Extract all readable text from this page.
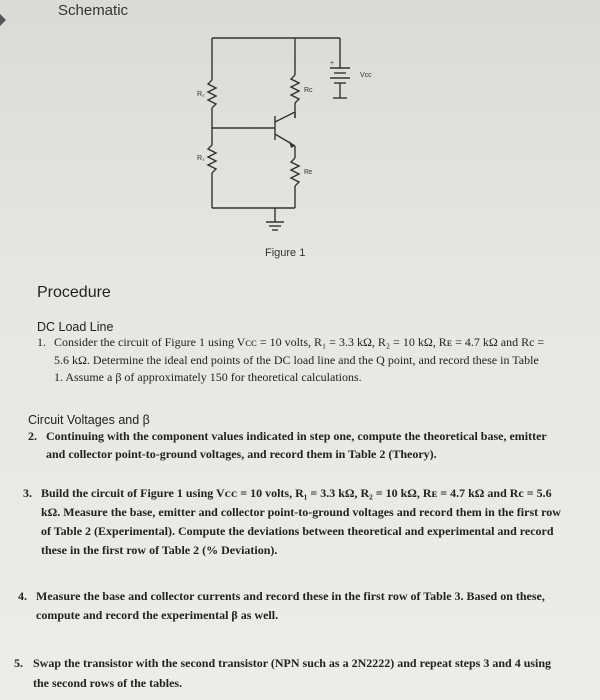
Schematic
R₂
R₁
Rc
Rᴇ
Vcc
+
Figure 1
Procedure
DC Load Line
1. Consider the circuit of Figure 1 using Vᴄᴄ = 10 volts, R₁ = 3.3 kΩ, R₂ = 10 kΩ, Rᴇ = 4.7 kΩ and Rc =
5.6 kΩ. Determine the ideal end points of the DC load line and the Q point, and record these in Table
1. Assume a β of approximately 150 for theoretical calculations.
Circuit Voltages and β
2. Continuing with the component values indicated in step one, compute the theoretical base, emitter
and collector point-to-ground voltages, and record them in Table 2 (Theory).
3. Build the circuit of Figure 1 using Vᴄᴄ = 10 volts, R₁ = 3.3 kΩ, R₂ = 10 kΩ, Rᴇ = 4.7 kΩ and Rc = 5.6
kΩ. Measure the base, emitter and collector point-to-ground voltages and record them in the first row
of Table 2 (Experimental). Compute the deviations between theoretical and experimental and record
these in the first row of Table 2 (% Deviation).
4. Measure the base and collector currents and record these in the first row of Table 3. Based on these,
compute and record the experimental β as well.
5. Swap the transistor with the second transistor (NPN such as a 2N2222) and repeat steps 3 and 4 using
the second rows of the tables.
